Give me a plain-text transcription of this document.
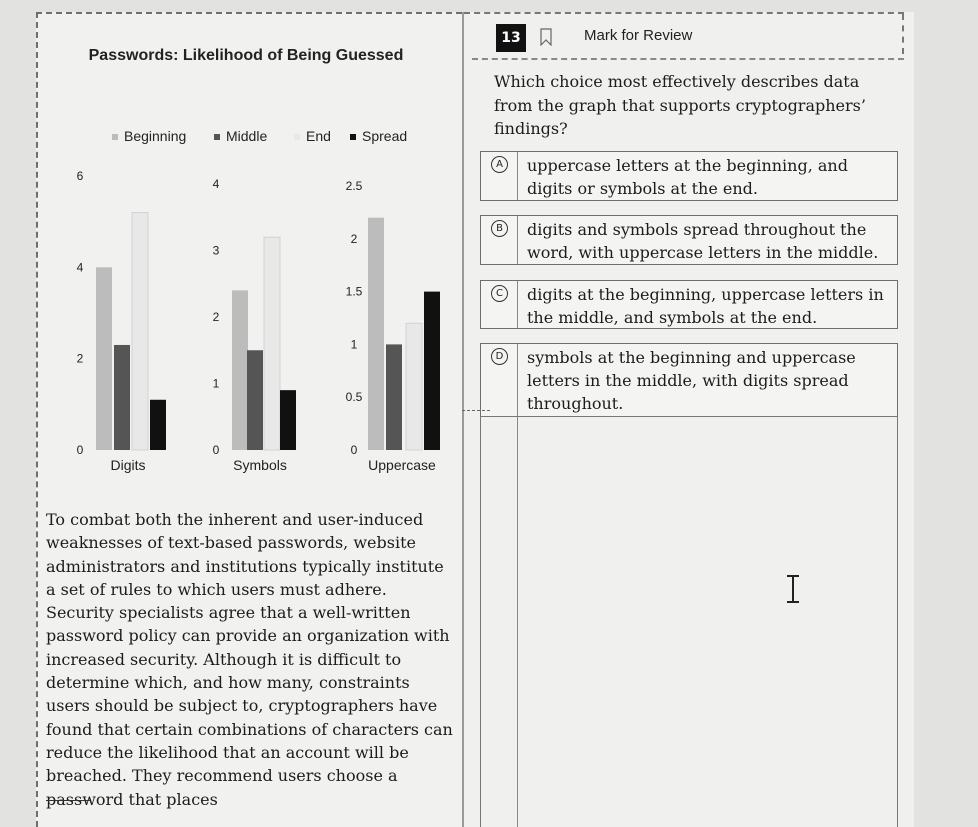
13	Mark for Review
Which choice most effectively describes data from the graph that supports cryptographers’ findings?
A	uppercase letters at the beginning, and digits or symbols at the end.
B	digits and symbols spread throughout the word, with uppercase letters in the middle.
C	digits at the beginning, uppercase letters in the middle, and symbols at the end.
D symbols at the beginning and uppercase letters in the middle, with digits spread throughout.
Passwords: Likelihood of Being Guessed
Beginning	Middle	End	Spread
0
2
4
6
Digits
0
1
2
3
4
Symbols
0
0.5
1
1.5
2
2.5
Uppercase

To combat both the inherent and user-induced weaknesses of text-based passwords, website administrators and institutions typically institute a set of rules to which users must adhere. Security specialists agree that a well-written password policy can provide an organization with increased security. Although it is difficult to determine which, and how many, constraints users should be subject to, cryptographers have found that certain combinations of characters can reduce the likelihood that an account will be breached. They recommend users choose a password that places
